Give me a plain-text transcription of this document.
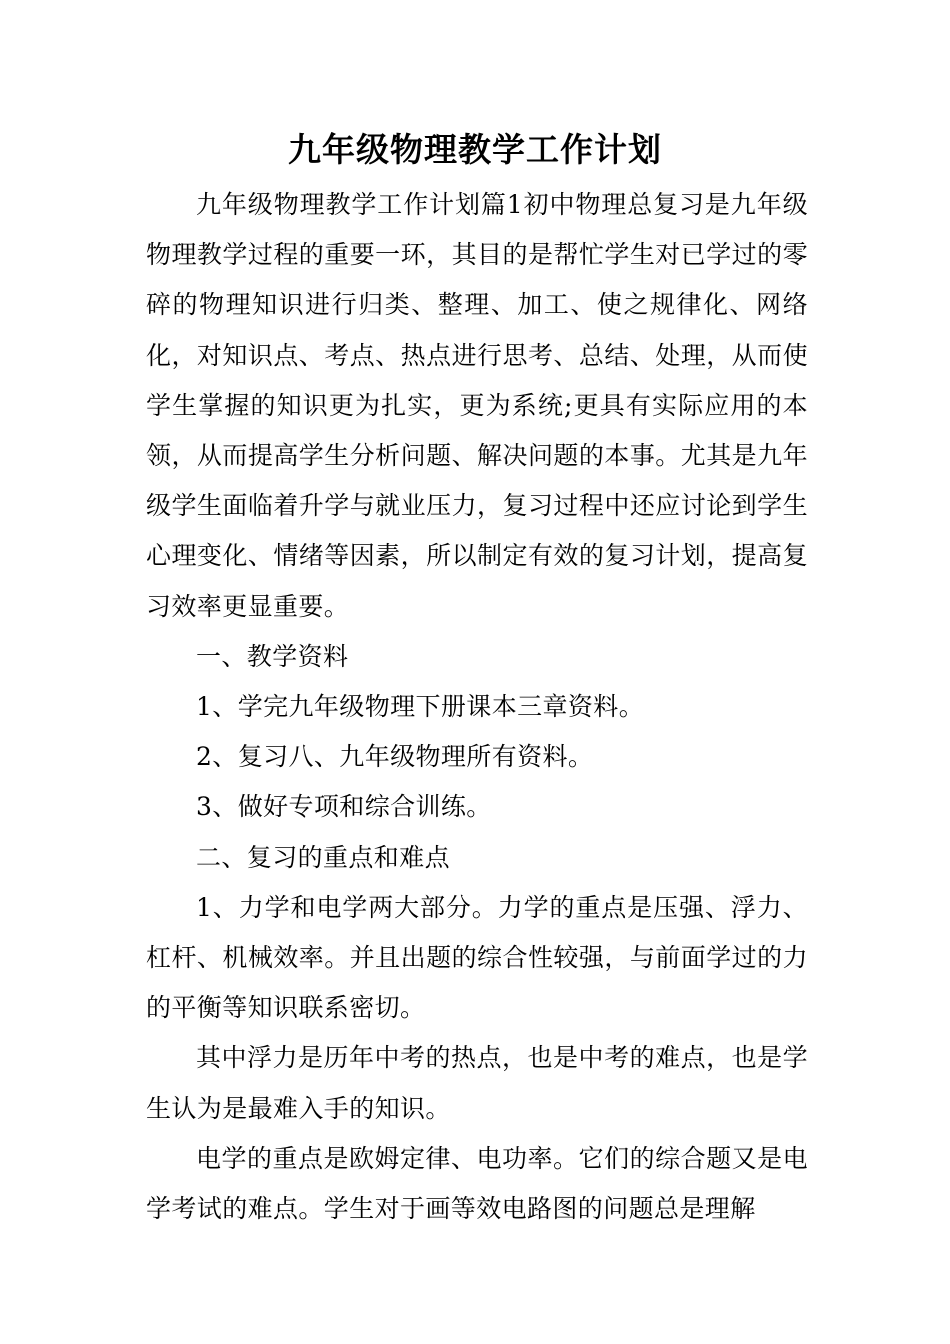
九年级物理教学工作计划

九年级物理教学工作计划篇1初中物理总复习是九年级物理教学过程的重要一环，其目的是帮忙学生对已学过的零碎的物理知识进行归类、整理、加工、使之规律化、网络化，对知识点、考点、热点进行思考、总结、处理，从而使学生掌握的知识更为扎实，更为系统;更具有实际应用的本领，从而提高学生分析问题、解决问题的本事。尤其是九年级学生面临着升学与就业压力，复习过程中还应讨论到学生心理变化、情绪等因素，所以制定有效的复习计划，提高复习效率更显重要。

一、教学资料

1、学完九年级物理下册课本三章资料。

2、复习八、九年级物理所有资料。

3、做好专项和综合训练。

二、复习的重点和难点

1、力学和电学两大部分。力学的重点是压强、浮力、杠杆、机械效率。并且出题的综合性较强，与前面学过的力的平衡等知识联系密切。

其中浮力是历年中考的热点，也是中考的难点，也是学生认为是最难入手的知识。

电学的重点是欧姆定律、电功率。它们的综合题又是电学考试的难点。学生对于画等效电路图的问题总是理解
